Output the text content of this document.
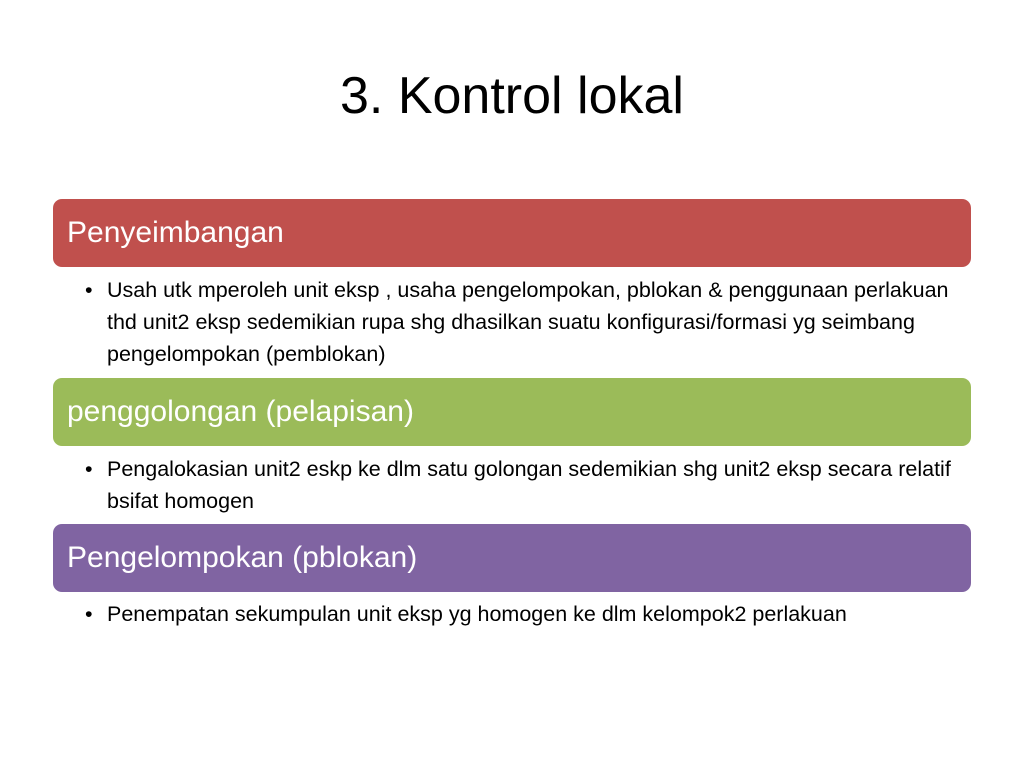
3. Kontrol lokal
Penyeimbangan
• Usah utk mperoleh unit eksp , usaha pengelompokan, pblokan & penggunaan perlakuan thd unit2 eksp sedemikian rupa shg dhasilkan suatu konfigurasi/formasi yg seimbang pengelompokan (pemblokan)
penggolongan (pelapisan)
• Pengalokasian unit2 eskp ke dlm satu golongan sedemikian shg unit2 eksp secara relatif bsifat homogen
Pengelompokan (pblokan)
• Penempatan sekumpulan unit eksp yg homogen ke dlm kelompok2 perlakuan
